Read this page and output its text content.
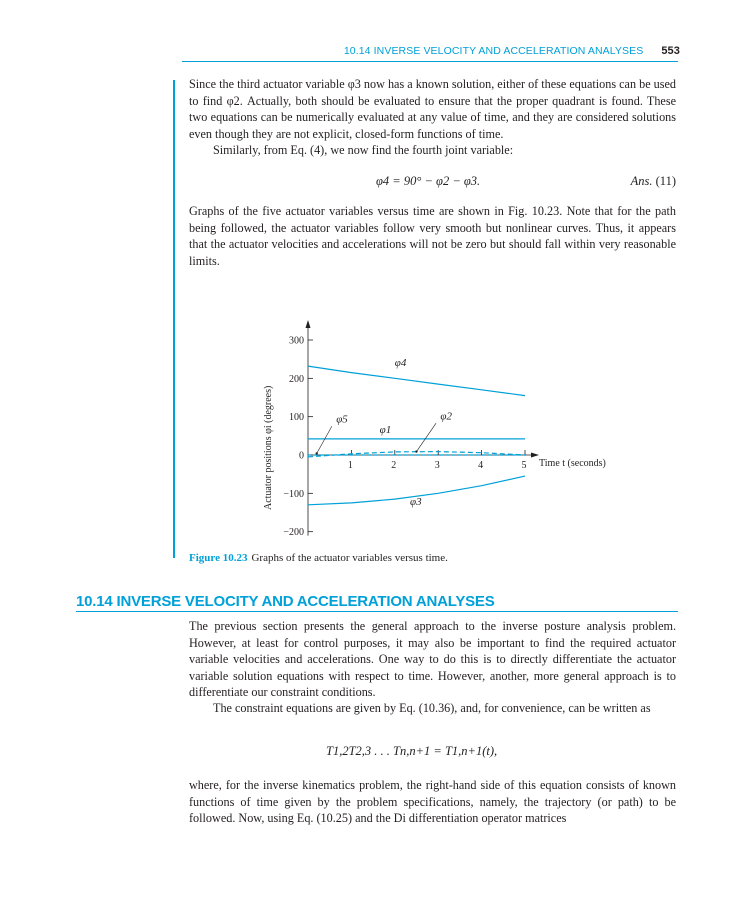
10.14 INVERSE VELOCITY AND ACCELERATION ANALYSES 553

Since the third actuator variable φ3 now has a known solution, either of these equations can be used to find φ2. Actually, both should be evaluated to ensure that the proper quadrant is found. These two equations can be numerically evaluated at any value of time, and they are considered solutions even though they are not explicit, closed-form functions of time.

Similarly, from Eq. (4), we now find the fourth joint variable:

φ4 = 90° − φ2 − φ3.	Ans. (11)

Graphs of the five actuator variables versus time are shown in Fig. 10.23. Note that for the path being followed, the actuator variables follow very smooth but nonlinear curves. Thus, it appears that the actuator velocities and accelerations will not be zero but should fall within very reasonable limits.

300
200
100
0
−100
−200
1	2	3	4	5 Time t (seconds)
Actuator positions φi (degrees)
φ4
φ5
φ1
φ2
φ3
Figure 10.23 Graphs of the actuator variables versus time.
10.14 INVERSE VELOCITY AND ACCELERATION ANALYSES

The previous section presents the general approach to the inverse posture analysis problem. However, at least for control purposes, it may also be important to find the required actuator variable velocities and accelerations. One way to do this is to directly differentiate the actuator variable solution equations with respect to time. However, another, more general approach is to differentiate our constraint conditions.

The constraint equations are given by Eq. (10.36), and, for convenience, can be written as

T1,2T2,3 . . . Tn,n+1 = T1,n+1(t),

where, for the inverse kinematics problem, the right-hand side of this equation consists of known functions of time given by the problem specifications, namely, the trajectory (or path) to be followed. Now, using Eq. (10.25) and the Di differentiation operator matrices
